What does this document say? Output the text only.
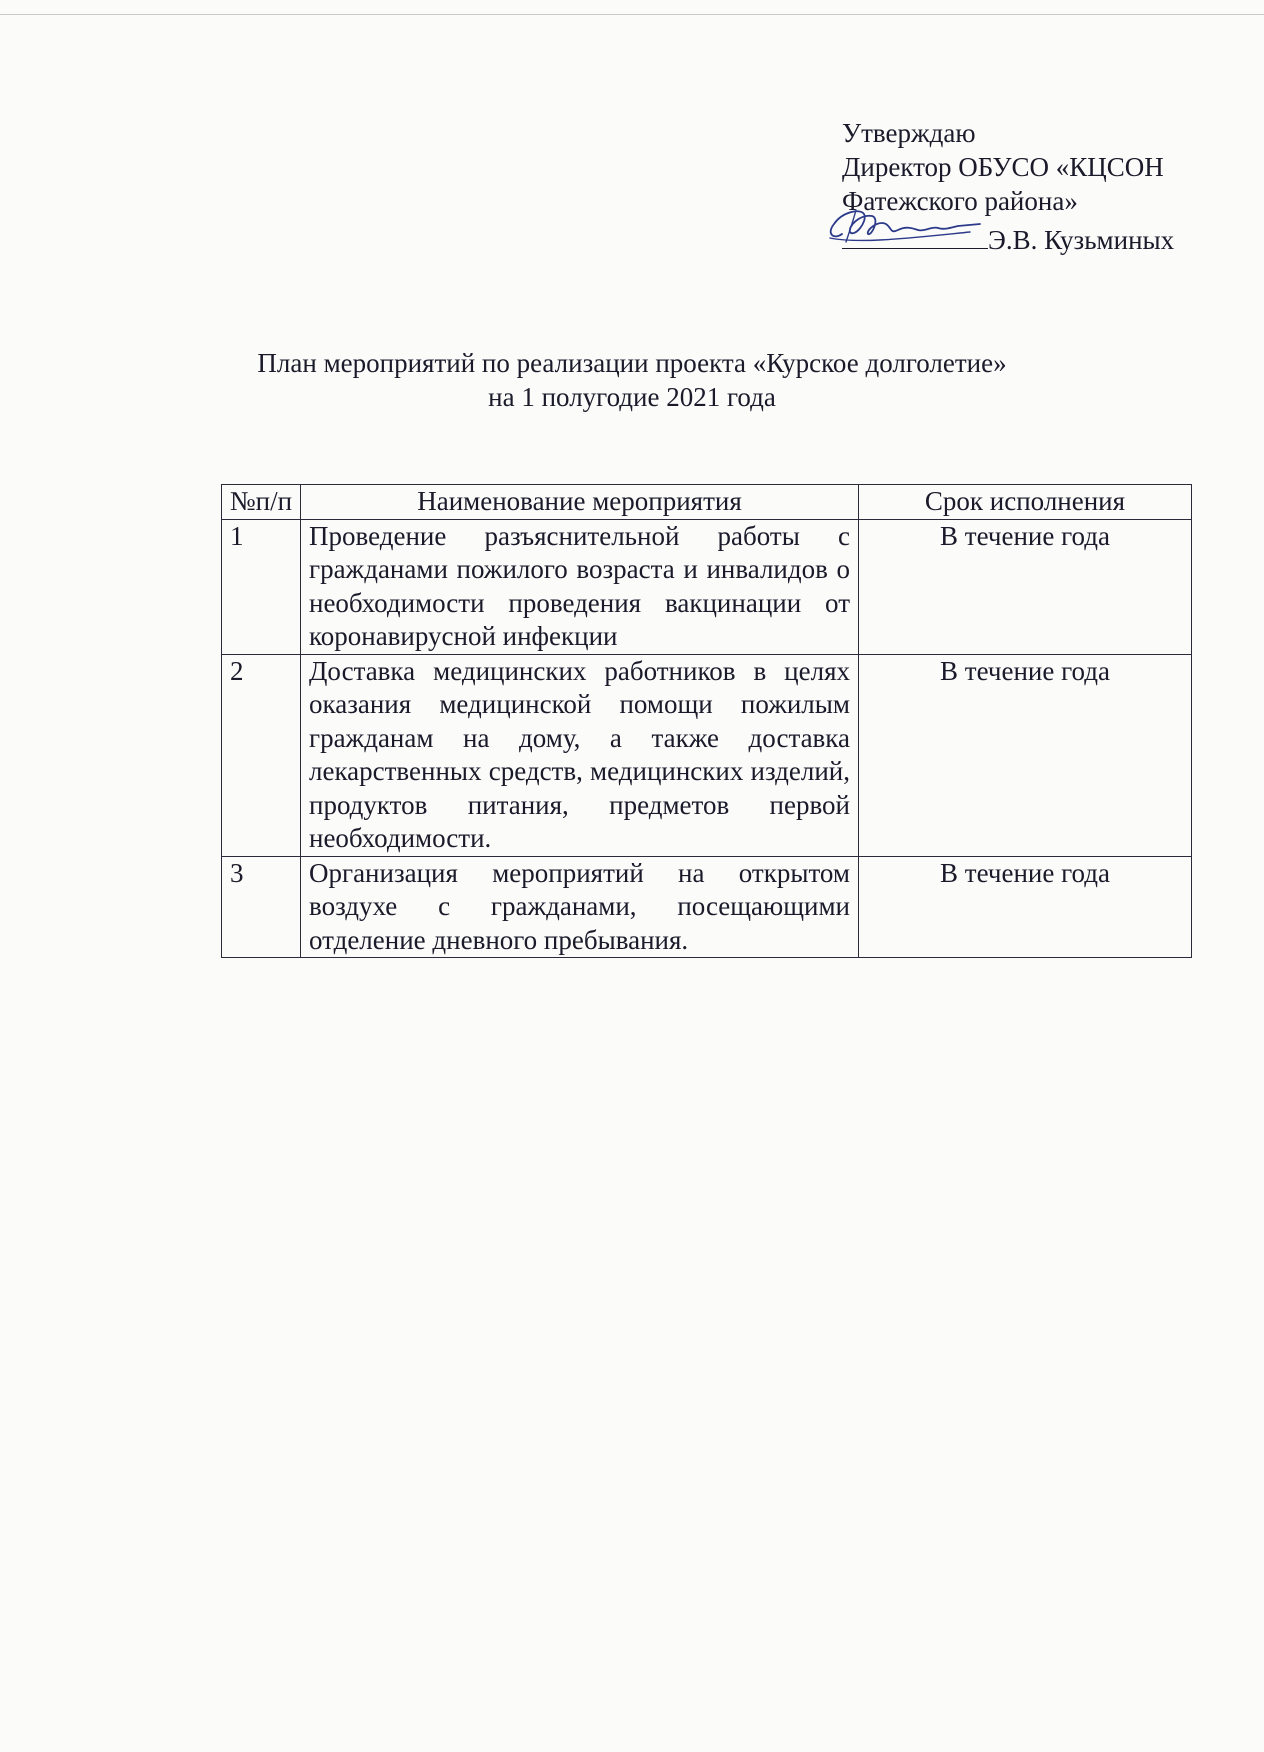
Утверждаю
Директор ОБУСО «КЦСОН
Фатежского района»
Э.В. Кузьминых
План мероприятий по реализации проекта «Курское долголетие»
на 1 полугодие 2021 года
№п/п	Наименование мероприятия	Срок исполнения
1	Проведение разъяснительной работы с гражданами пожилого возраста и инвалидов о необходимости проведения вакцинации от коронавирусной инфекции	В течение года
2	Доставка медицинских работников в целях оказания медицинской помощи пожилым гражданам на дому, а также доставка лекарственных средств, медицинских изделий, продуктов питания, предметов первой необходимости.	В течение года
3	Организация мероприятий на открытом воздухе с гражданами, посещающими отделение дневного пребывания.	В течение года
